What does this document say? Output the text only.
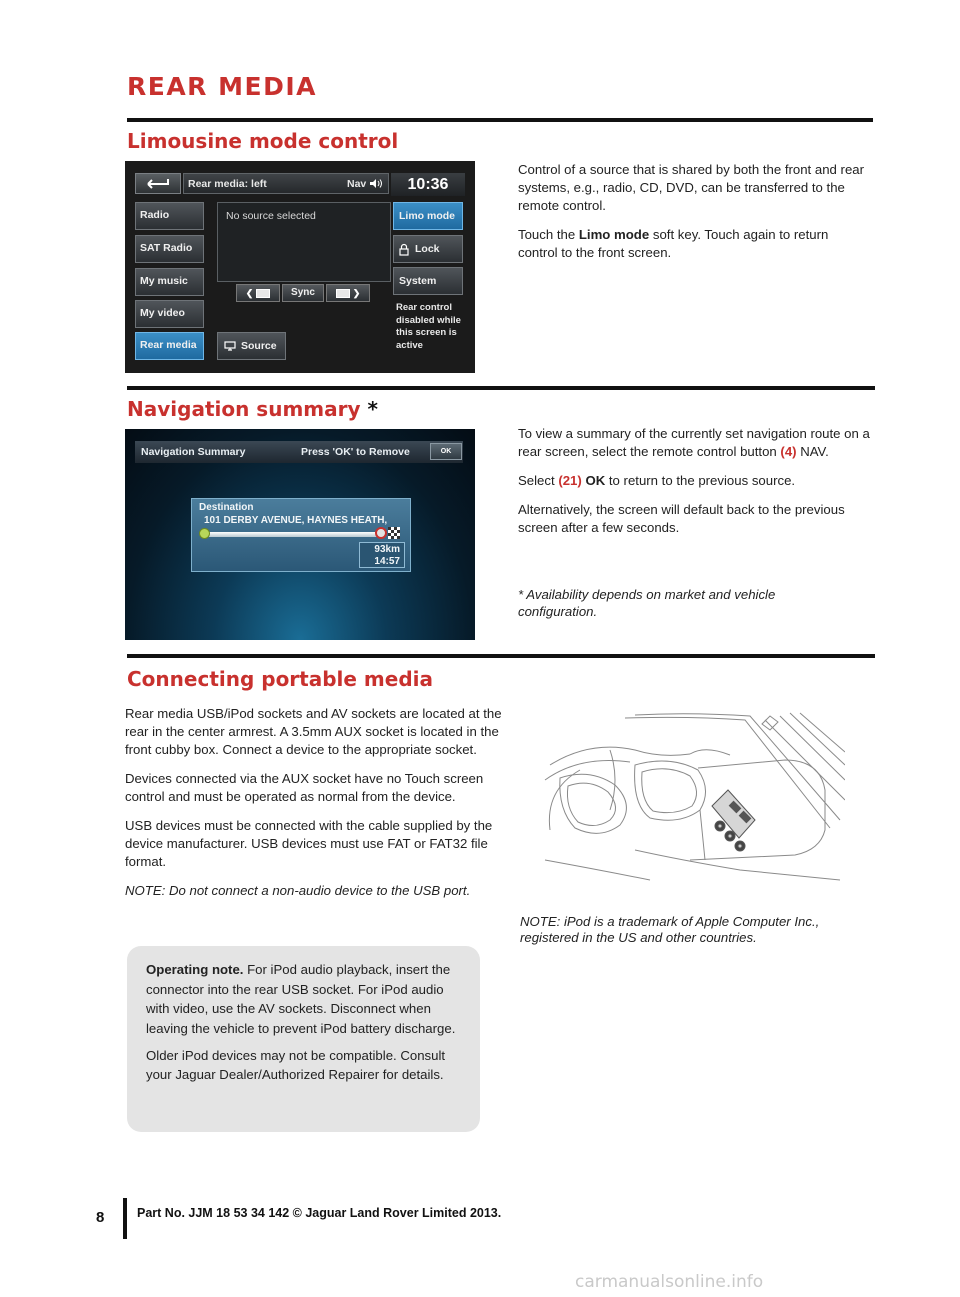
REAR MEDIA
Limousine mode control
Rear media: left	Nav	10:36
Radio
SAT Radio
My music
My video
Rear media
No source selected
❮	Sync	❯
Source
Limo mode
Lock
System
Rear control disabled while this screen is active

Control of a source that is shared by both the front and rear systems, e.g., radio, CD, DVD, can be transferred to the remote control.

Touch the Limo mode soft key. Touch again to return control to the front screen.

Navigation summary *
Navigation Summary	Press 'OK' to Remove	OK
Destination
101 DERBY AVENUE, HAYNES HEATH,
93km
14:57

To view a summary of the currently set navigation route on a rear screen, select the remote control button (4) NAV.

Select (21) OK to return to the previous source.

Alternatively, the screen will default back to the previous screen after a few seconds.

* Availability depends on market and vehicle configuration.
Connecting portable media

Rear media USB/iPod sockets and AV sockets are located at the rear in the center armrest. A 3.5mm AUX socket is located in the front cubby box. Connect a device to the appropriate socket.

Devices connected via the AUX socket have no Touch screen control and must be operated as normal from the device.

USB devices must be connected with the cable supplied by the device manufacturer. USB devices must use FAT or FAT32 file format.

NOTE: Do not connect a non-audio device to the USB port.

NOTE: iPod is a trademark of Apple Computer Inc., registered in the US and other countries.

Operating note. For iPod audio playback, insert the connector into the rear USB socket. For iPod audio with video, use the AV sockets. Disconnect when leaving the vehicle to prevent iPod battery discharge.

Older iPod devices may not be compatible. Consult your Jaguar Dealer/Authorized Repairer for details.

8	Part No. JJM 18 53 34 142 © Jaguar Land Rover Limited 2013.
carmanualsonline.info
